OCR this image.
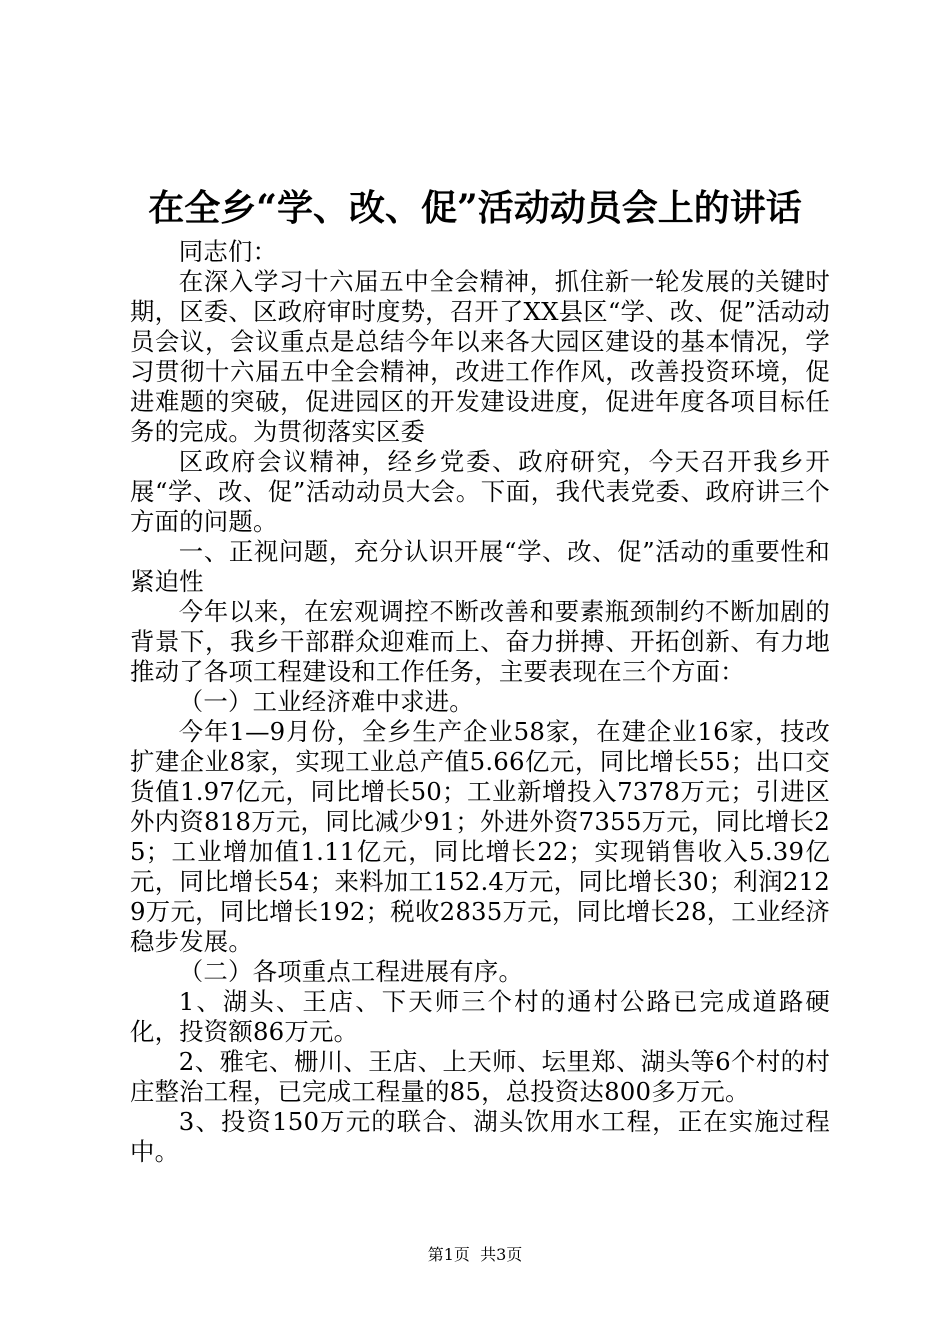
在全乡“学、改、促”活动动员会上的讲话

同志们：

在深入学习十六届五中全会精神，抓住新一轮发展的关键时期，区委、区政府审时度势，召开了XX县区“学、改、促”活动动员会议，会议重点是总结今年以来各大园区建设的基本情况，学习贯彻十六届五中全会精神，改进工作作风，改善投资环境，促进难题的突破，促进园区的开发建设进度，促进年度各项目标任务的完成。为贯彻落实区委

区政府会议精神，经乡党委、政府研究，今天召开我乡开展“学、改、促”活动动员大会。下面，我代表党委、政府讲三个方面的问题。

一、正视问题，充分认识开展“学、改、促”活动的重要性和紧迫性

今年以来，在宏观调控不断改善和要素瓶颈制约不断加剧的背景下，我乡干部群众迎难而上、奋力拼搏、开拓创新、有力地推动了各项工程建设和工作任务，主要表现在三个方面：

（一）工业经济难中求进。

今年1—9月份，全乡生产企业58家，在建企业16家，技改扩建企业8家，实现工业总产值5.66亿元，同比增长55；出口交货值1.97亿元，同比增长50；工业新增投入7378万元；引进区外内资818万元，同比减少91；外进外资7355万元，同比增长25；工业增加值1.11亿元，同比增长22；实现销售收入5.39亿元，同比增长54；来料加工152.4万元，同比增长30；利润2129万元，同比增长192；税收2835万元，同比增长28，工业经济稳步发展。

（二）各项重点工程进展有序。

1、湖头、王店、下天师三个村的通村公路已完成道路硬化，投资额86万元。

2、雅宅、栅川、王店、上天师、坛里郑、湖头等6个村的村庄整治工程，已完成工程量的85，总投资达800多万元。

3、投资150万元的联合、湖头饮用水工程，正在实施过程中。

第1页  共3页
